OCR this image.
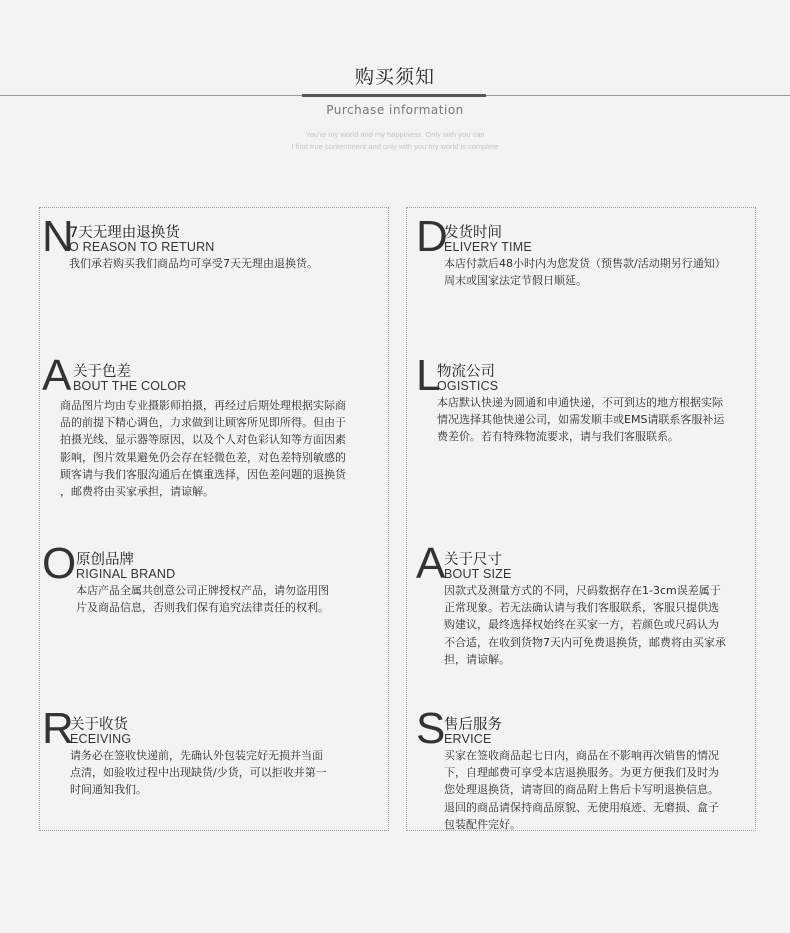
购买须知
Purchase information
You're my world and my happiness. Only with you can
I find true contentment and only with you my world is complete
N
7天无理由退换货
O REASON TO RETURN

我们承若购买我们商品均可享受7天无理由退换货。

A 关于色差
BOUT THE COLOR

商品图片均由专业摄影师拍摄，再经过后期处理根据实际商

品的前提下精心调色，力求做到让顾客所见即所得。但由于

拍摄光线、显示器等原因，以及个人对色彩认知等方面因素

影响，图片效果避免仍会存在轻微色差，对色差特别敏感的

顾客请与我们客服沟通后在慎重选择，因色差问题的退换货

，邮费将由买家承担，请谅解。

O 原创品牌
RIGINAL BRAND

本店产品全属共创意公司正牌授权产品，请勿盗用图

片及商品信息，否则我们保有追究法律责任的权利。

R
关于收货
ECEIVING

请务必在签收快递前，先确认外包装完好无损并当面

点清，如验收过程中出现缺货/少货，可以拒收并第一

时间通知我们。

D
发货时间
ELIVERY TIME

本店付款后48小时内为您发货（预售款/活动期另行通知）

周末或国家法定节假日顺延。

L
物流公司
OGISTICS

本店默认快递为圆通和申通快递，不可到达的地方根据实际

情况选择其他快递公司，如需发顺丰或EMS请联系客服补运

费差价。若有特殊物流要求，请与我们客服联系。

A
关于尺寸
BOUT SIZE

因款式及测量方式的不同，尺码数据存在1-3cm误差属于

正常现象。若无法确认请与我们客服联系，客服只提供选

购建议，最终选择权始终在买家一方，若颜色或尺码认为

不合适，在收到货物7天内可免费退换货，邮费将由买家承

担，请谅解。

S
售后服务
ERVICE

买家在签收商品起七日内，商品在不影响再次销售的情况

下，自理邮费可享受本店退换服务。为更方便我们及时为

您处理退换货，请寄回的商品附上售后卡写明退换信息。

退回的商品请保持商品原貌、无使用痕迹、无磨损、盒子

包装配件完好。
